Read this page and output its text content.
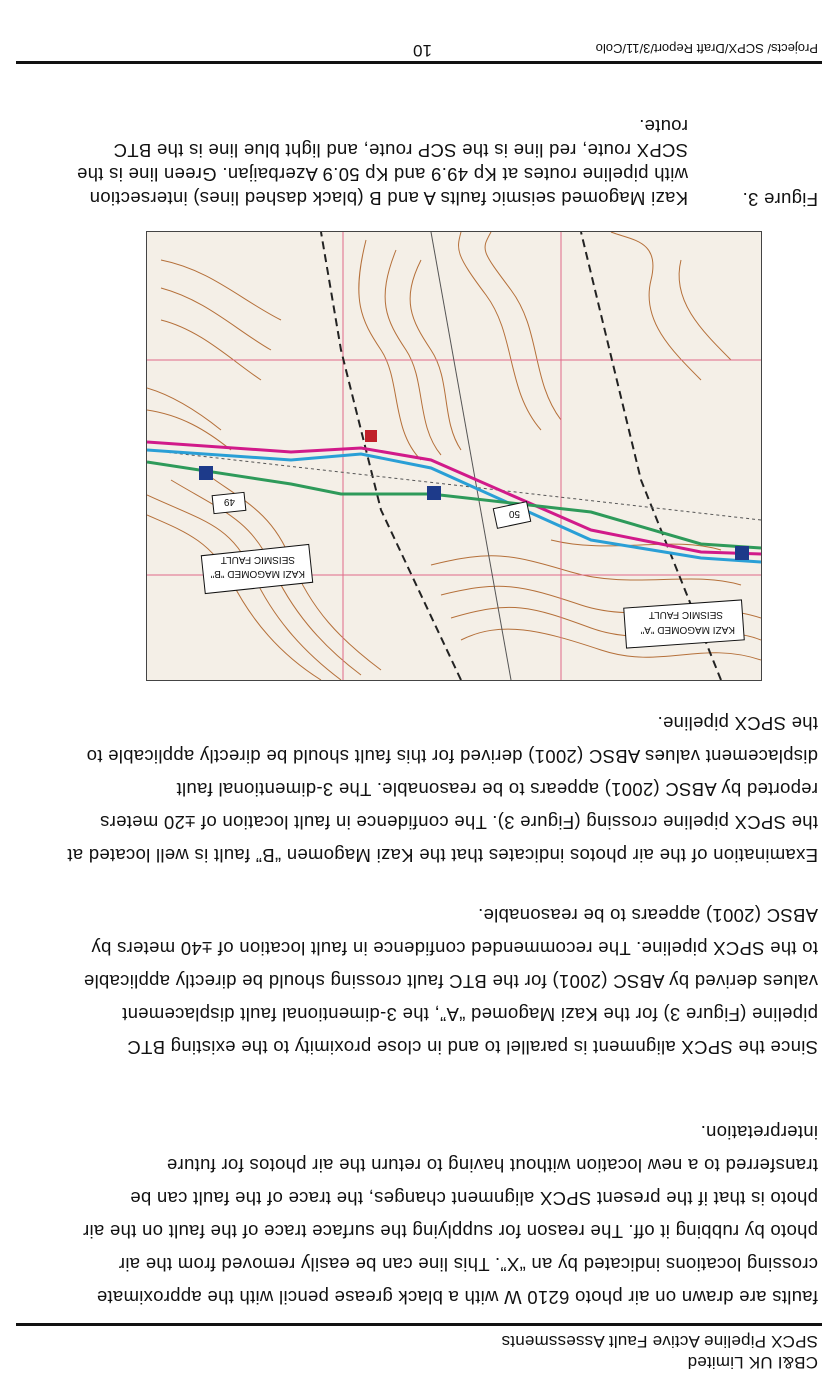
CB&I UK Limited
SPCX Pipeline Active Fault Assessments
faults are drawn on air photo 6210 W with a black grease pencil with the approximate
crossing locations indicated by an “X”. This line can be easily removed from the air
photo by rubbing it off. The reason for supplying the surface trace of the fault on the air
photo is that if the present SPCX alignment changes, the trace of the fault can be
transferred to a new location without having to return the air photos for future
interpretation.
Since the SPCX alignment is parallel to and in close proximity to the existing BTC
pipeline (Figure 3) for the Kazi Magomed “A”, the 3-dimentional fault displacement
values derived by ABSC (2001) for the BTC fault crossing should be directly applicable
to the SPCX pipeline. The recommended confidence in fault location of ±40 meters by
ABSC (2001) appears to be reasonable.
Examination of the air photos indicates that the Kazi Magomen “B” fault is well located at
the SPCX pipeline crossing (Figure 3). The confidence in fault location of ±20 meters
reported by ABSC (2001) appears to be reasonable. The 3-dimentional fault
displacement values ABSC (2001) derived for this fault should be directly applicable to
the SPCX pipeline.
50
49
KAZI MAGOMED "A"
SEISMIC FAULT
KAZI MAGOMED "B"
SEISMIC FAULT
Figure 3.
Kazi Magomed seismic faults A and B (black dashed lines) intersection
with pipeline routes at Kp 49.9 and Kp 50.9 Azerbaijan. Green line is the
SCPX route, red line is the SCP route, and light blue line is the BTC
route.
Projects/ SCPX/Draft Report/3/11/Colo
10
